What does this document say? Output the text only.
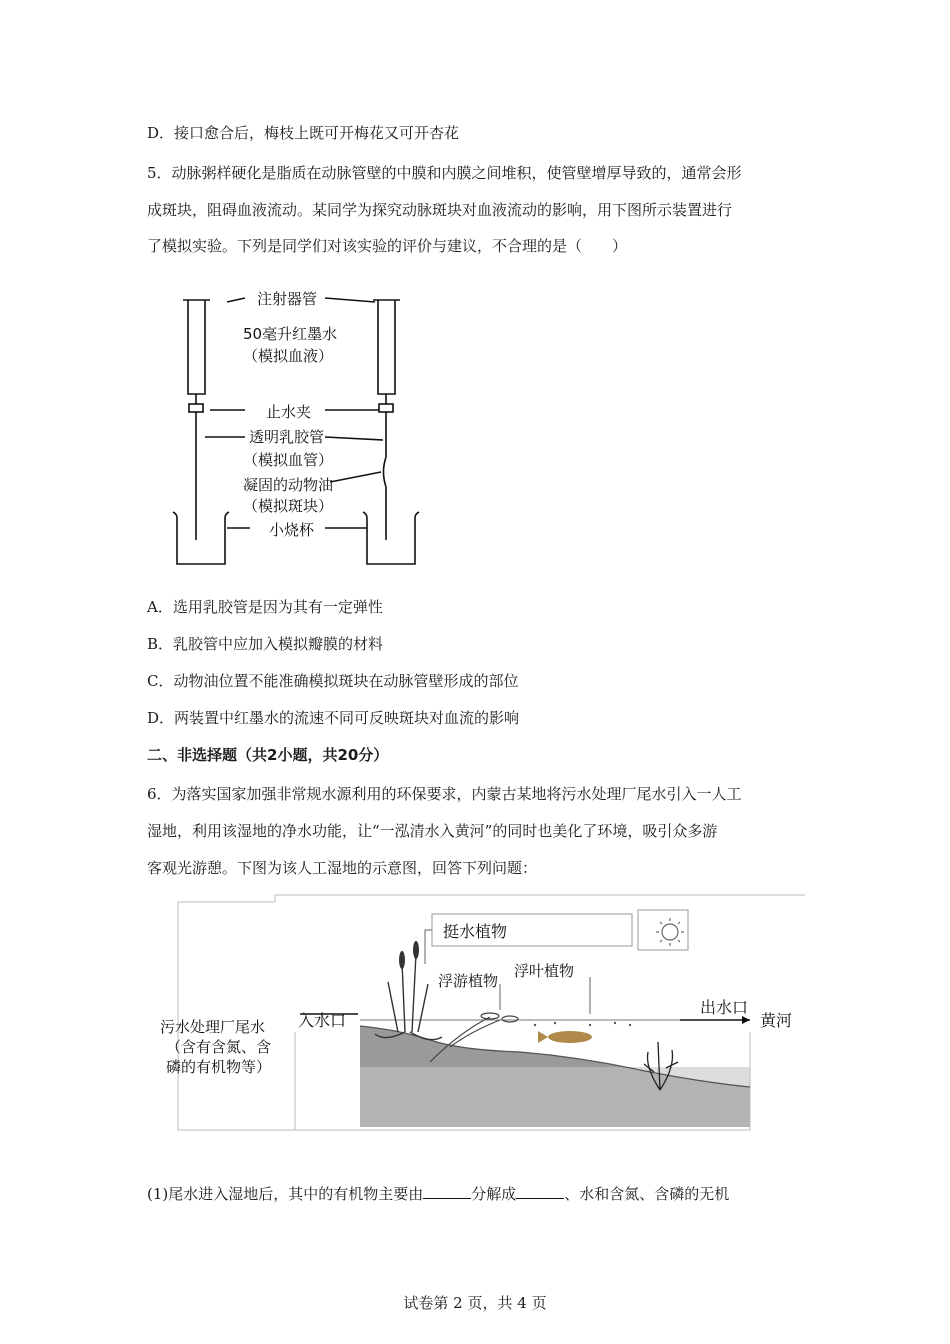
D．接口愈合后，梅枝上既可开梅花又可开杏花
5．动脉粥样硬化是脂质在动脉管壁的中膜和内膜之间堆积，使管壁增厚导致的，通常会形
成斑块，阻碍血液流动。某同学为探究动脉斑块对血液流动的影响，用下图所示装置进行
了模拟实验。下列是同学们对该实验的评价与建议，不合理的是（　　）
注射器管
50毫升红墨水
（模拟血液）
止水夹
透明乳胶管
（模拟血管）
凝固的动物油
（模拟斑块）
小烧杯
A．选用乳胶管是因为其有一定弹性
B．乳胶管中应加入模拟瓣膜的材料
C．动物油位置不能准确模拟斑块在动脉管壁形成的部位
D．两装置中红墨水的流速不同可反映斑块对血流的影响
二、非选择题（共2小题，共20分）
6．为落实国家加强非常规水源利用的环保要求，内蒙古某地将污水处理厂尾水引入一人工
湿地，利用该湿地的净水功能，让“一泓清水入黄河”的同时也美化了环境，吸引众多游
客观光游憩。下图为该人工湿地的示意图，回答下列问题：
挺水植物
浮游植物
浮叶植物
入水口
出水口
黄河
污水处理厂尾水
（含有含氮、含
磷的有机物等）
(1)尾水进入湿地后，其中的有机物主要由	分解成	、水和含氮、含磷的无机
试卷第 2 页，共 4 页
